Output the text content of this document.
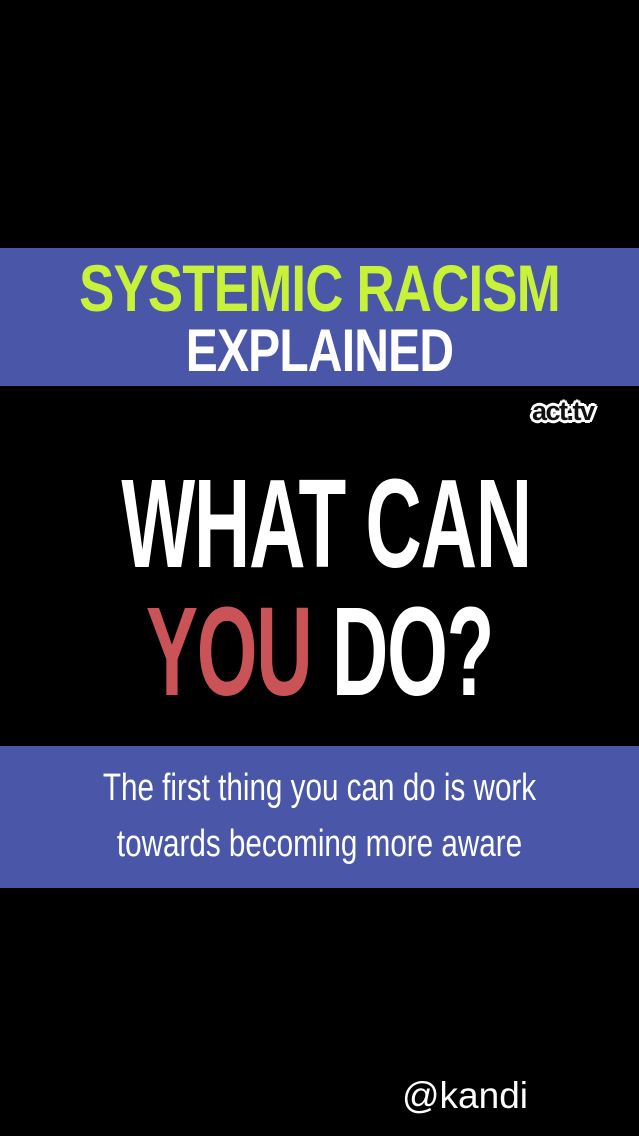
SYSTEMIC RACISM
EXPLAINED
act.tv
WHAT CAN
YOU DO?
The first thing you can do is work
towards becoming more aware
@kandi
